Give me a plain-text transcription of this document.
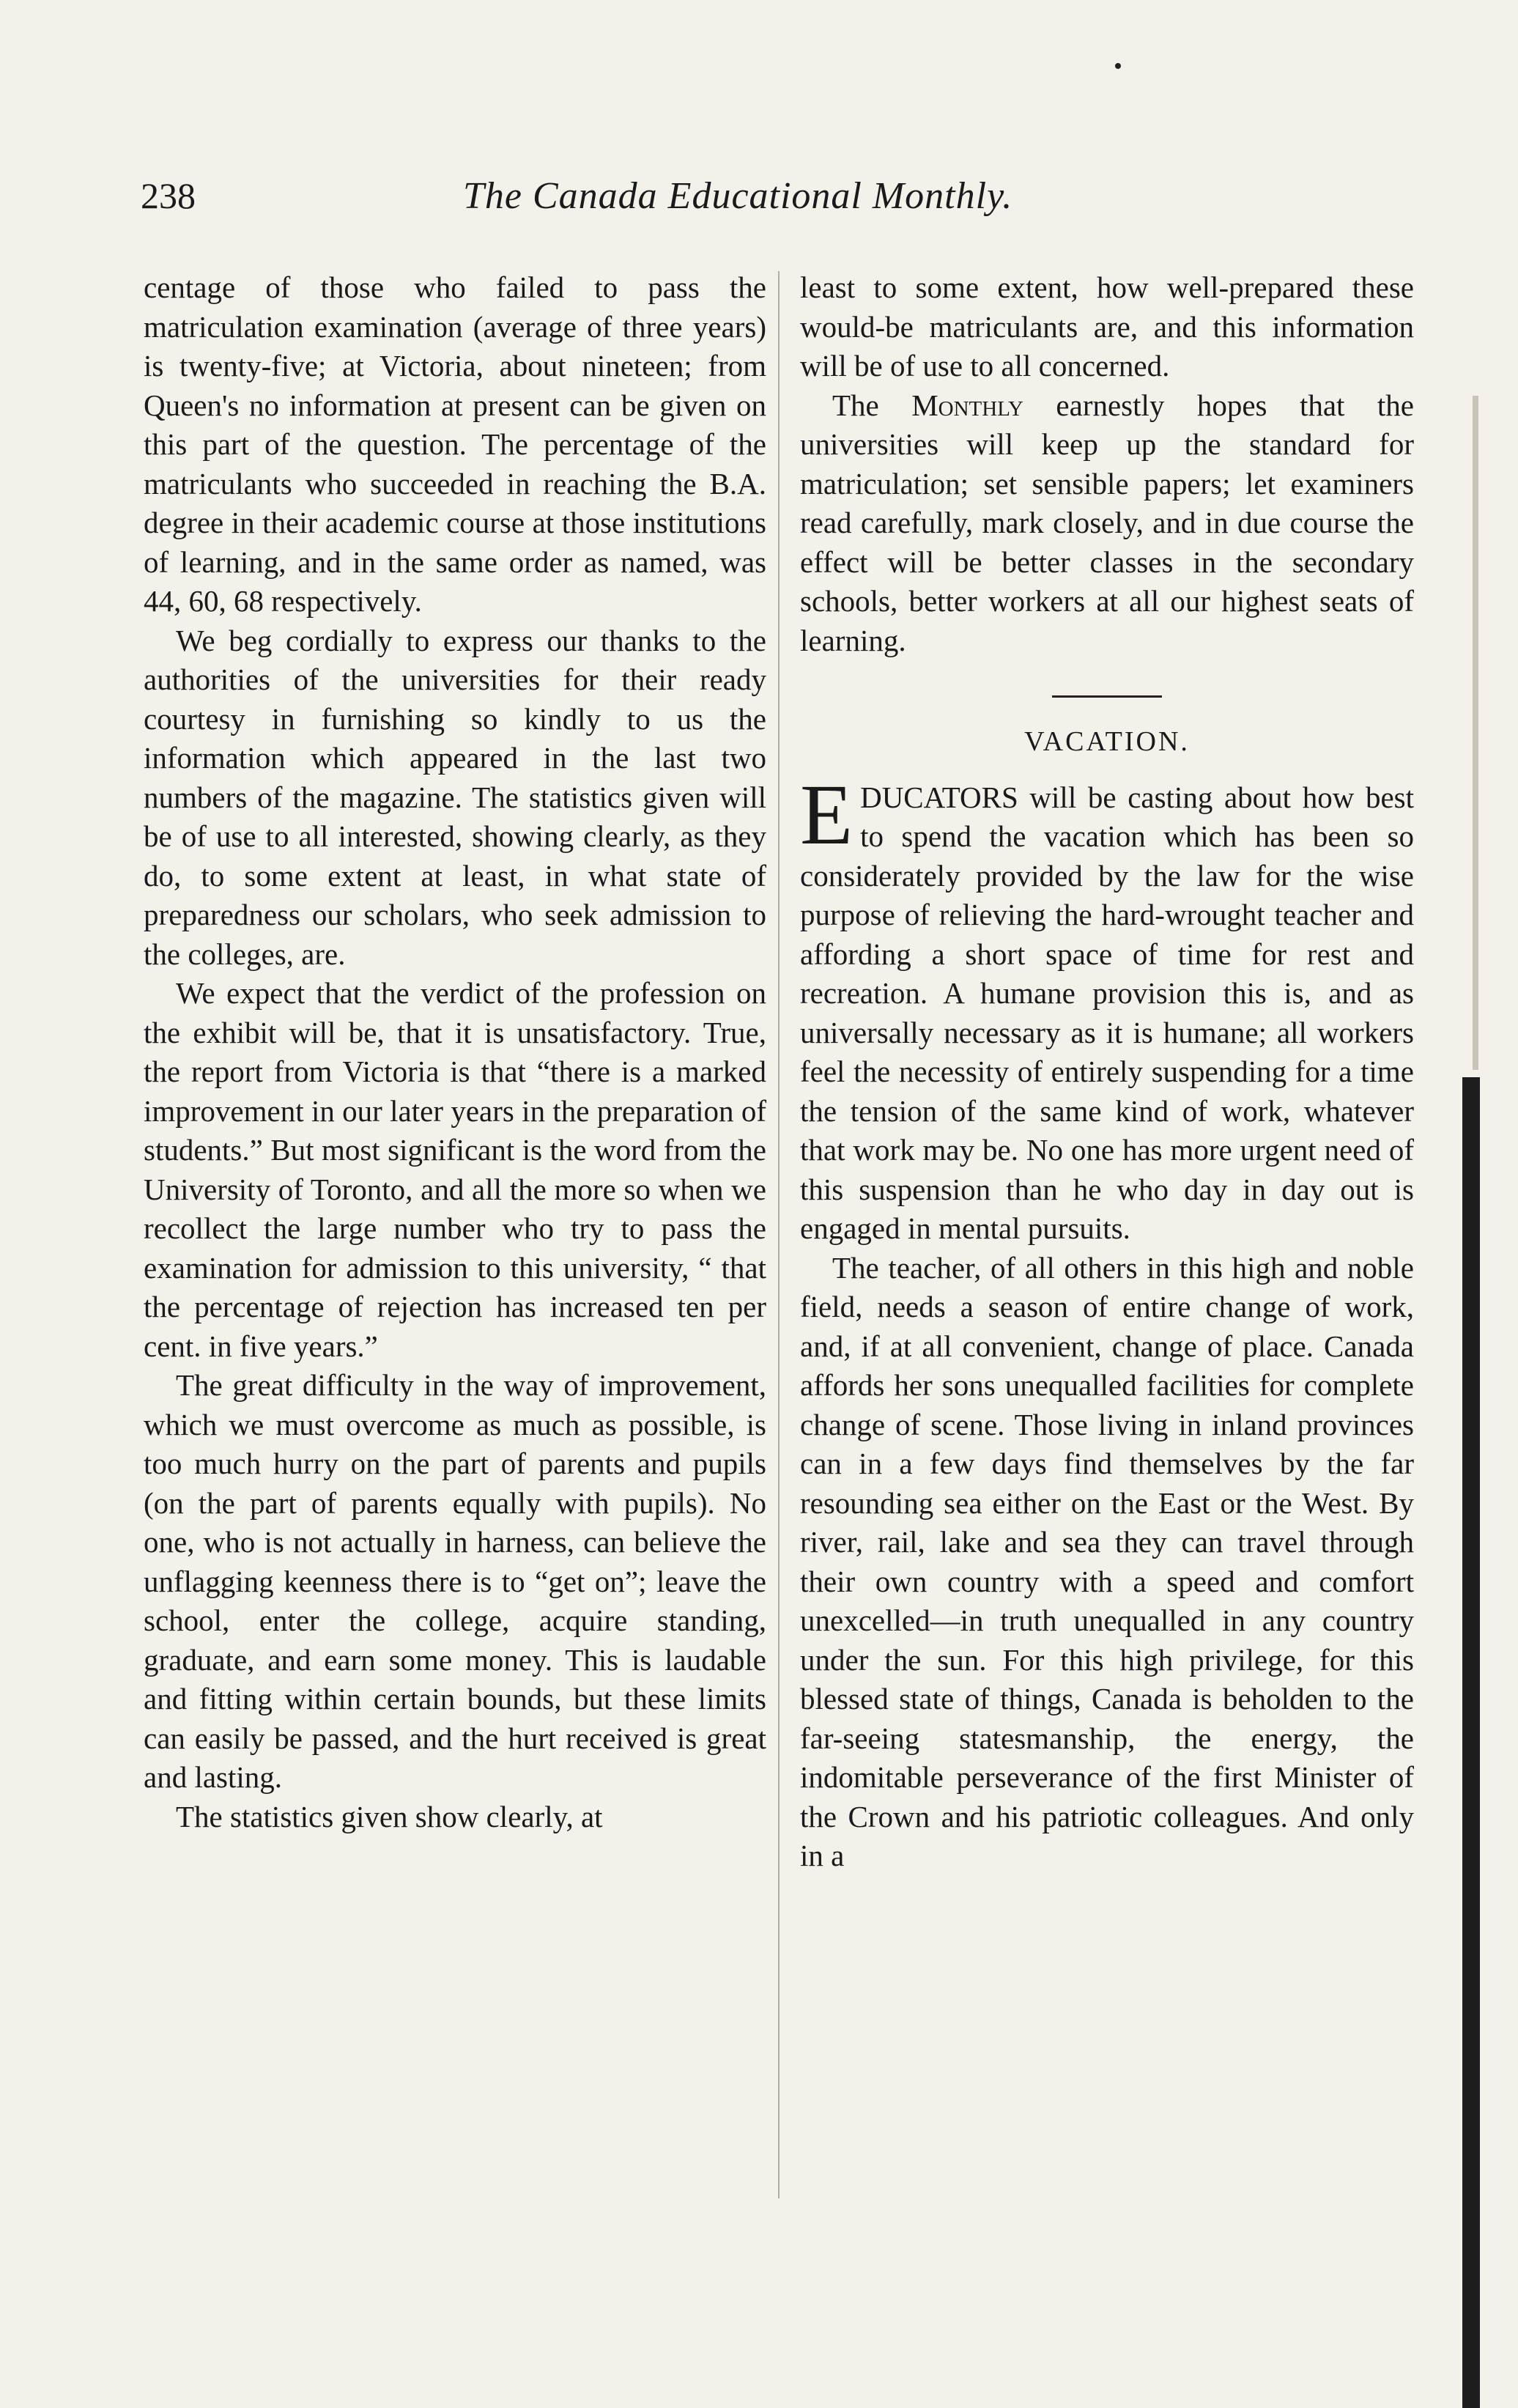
238	The Canada Educational Monthly.

centage of those who failed to pass the matriculation examination (average of three years) is twenty-five; at Victoria, about nineteen; from Queen's no information at present can be given on this part of the question. The percentage of the matriculants who succeeded in reaching the B.A. degree in their academic course at those institutions of learning, and in the same order as named, was 44, 60, 68 respectively.

We beg cordially to express our thanks to the authorities of the universities for their ready courtesy in furnishing so kindly to us the information which appeared in the last two numbers of the magazine. The statistics given will be of use to all interested, showing clearly, as they do, to some extent at least, in what state of preparedness our scholars, who seek admission to the colleges, are.

We expect that the verdict of the profession on the exhibit will be, that it is unsatisfactory. True, the report from Victoria is that “there is a marked improvement in our later years in the preparation of students.” But most significant is the word from the University of Toronto, and all the more so when we recollect the large number who try to pass the examination for admission to this university, “ that the percentage of rejection has increased ten per cent. in five years.”

The great difficulty in the way of improvement, which we must overcome as much as possible, is too much hurry on the part of parents and pupils (on the part of parents equally with pupils). No one, who is not actually in harness, can believe the unflagging keenness there is to “get on”; leave the school, enter the college, acquire standing, graduate, and earn some money. This is laudable and fitting within certain bounds, but these limits can easily be passed, and the hurt received is great and lasting.

The statistics given show clearly, at

least to some extent, how well-prepared these would-be matriculants are, and this information will be of use to all concerned.

The Monthly earnestly hopes that the universities will keep up the standard for matriculation; set sensible papers; let examiners read carefully, mark closely, and in due course the effect will be better classes in the secondary schools, better workers at all our highest seats of learning.

VACATION.

EDUCATORS will be casting about how best to spend the vacation which has been so considerately provided by the law for the wise purpose of relieving the hard-wrought teacher and affording a short space of time for rest and recreation. A humane provision this is, and as universally necessary as it is humane; all workers feel the necessity of entirely suspending for a time the tension of the same kind of work, whatever that work may be. No one has more urgent need of this suspension than he who day in day out is engaged in mental pursuits.

The teacher, of all others in this high and noble field, needs a season of entire change of work, and, if at all convenient, change of place. Canada affords her sons unequalled facilities for complete change of scene. Those living in inland provinces can in a few days find themselves by the far resounding sea either on the East or the West. By river, rail, lake and sea they can travel through their own country with a speed and comfort unexcelled—in truth unequalled in any country under the sun. For this high privilege, for this blessed state of things, Canada is beholden to the far-seeing statesmanship, the energy, the indomitable perseverance of the first Minister of the Crown and his patriotic colleagues. And only in a
